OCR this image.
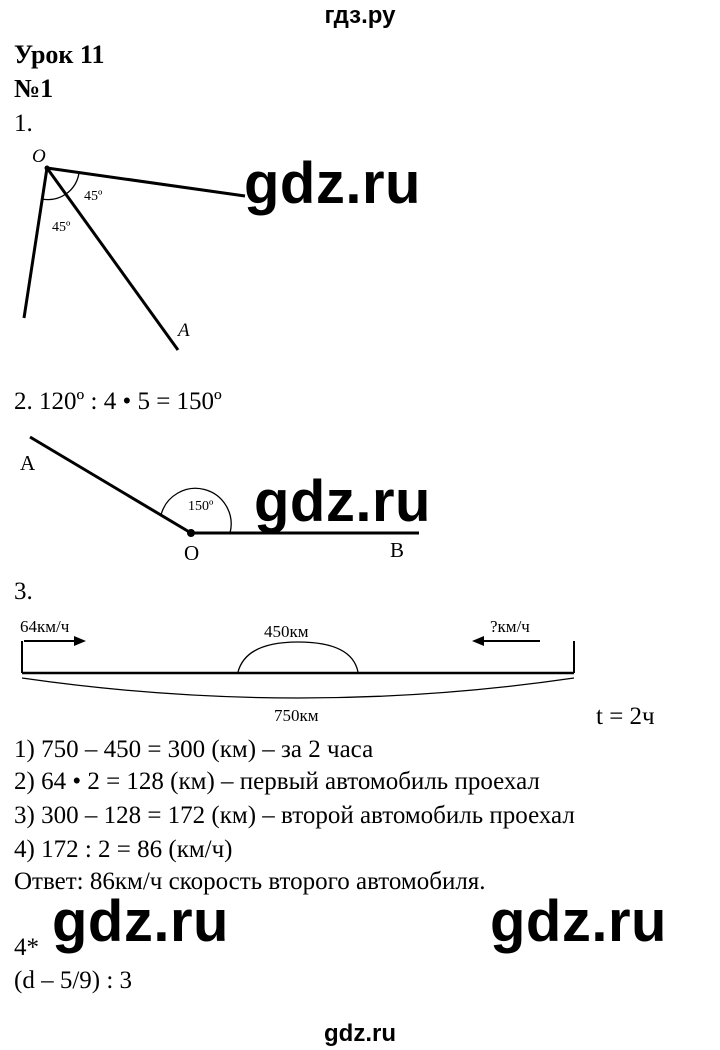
гдз.ру
Урок 11
№1
1.
O
A
45º
45º
A
O	B
150º
64км/ч	?км/ч
450км
750км
2. 120º : 4 • 5 = 150º
3.
t = 2ч
1) 750 – 450 = 300 (км) – за 2 часа
2) 64 • 2 = 128 (км) – первый автомобиль проехал
3) 300 – 128 = 172 (км) – второй автомобиль проехал
4) 172 : 2 = 86 (км/ч)
Ответ: 86км/ч скорость второго автомобиля.
4*
(d – 5/9) : 3
gdz.ru
gdz.ru
gdz.ru	gdz.ru
gdz.ru
